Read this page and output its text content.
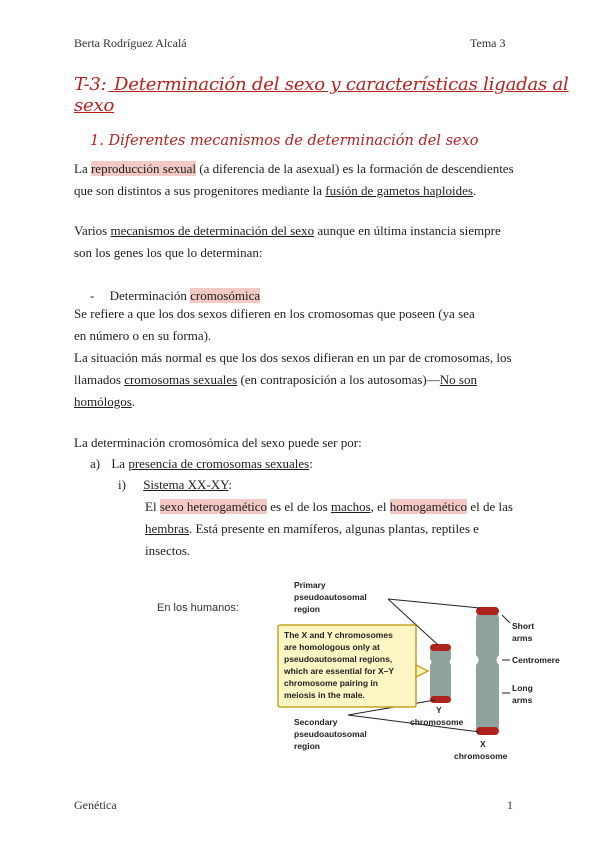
Berta Rodríguez Alcalá	Tema 3
T-3: Determinación del sexo y características ligadas al sexo
1. Diferentes mecanismos de determinación del sexo
La reproducción sexual (a diferencia de la asexual) es la formación de descendientes
que son distintos a sus progenitores mediante la fusión de gametos haploides.
Varios mecanismos de determinación del sexo aunque en última instancia siempre
son los genes los que lo determinan:
- Determinación cromosómica
Se refiere a que los dos sexos difieren en los cromosomas que poseen (ya sea
en número o en su forma).
La situación más normal es que los dos sexos difieran en un par de cromosomas, los
llamados cromosomas sexuales (en contraposición a los autosomas)—No son
homólogos.
La determinación cromosómica del sexo puede ser por:
a) La presencia de cromosomas sexuales:
i) Sistema XX-XY:
El sexo heterogamético es el de los machos, el homogamético el de las
hembras. Está presente en mamíferos, algunas plantas, reptiles e
insectos.
En los humanos:
The X and Y chromosomes
are homologous only at
pseudoautosomal regions,
which are essential for X–Y
chromosome pairing in
meiosis in the male.
Primary
pseudoautosomal
region
Secondary
pseudoautosomal
region
Y
chromosome
X
chromosome
Short
arms
Centromere
Long
arms
Genética	1
